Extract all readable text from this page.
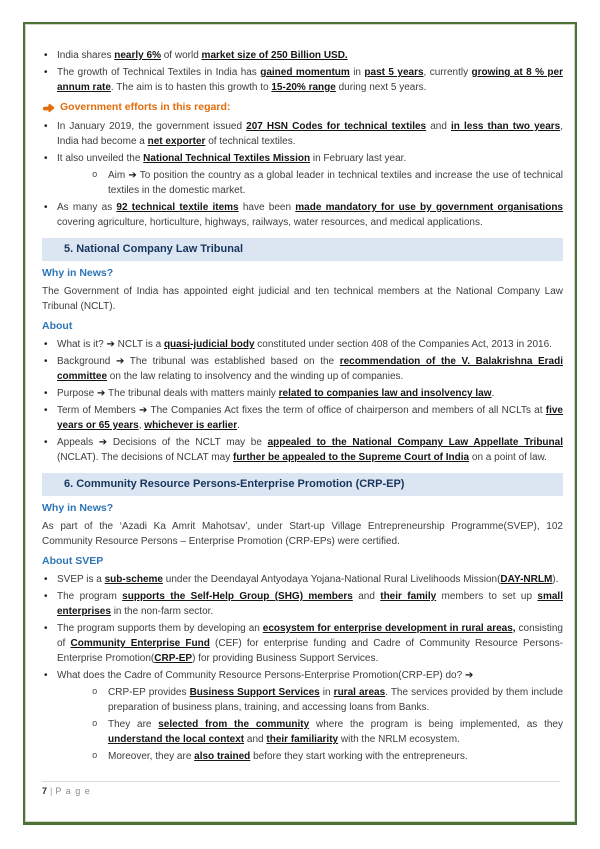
• India shares nearly 6% of world market size of 250 Billion USD.
• The growth of Technical Textiles in India has gained momentum in past 5 years, currently growing at 8 % per annum rate. The aim is to hasten this growth to 15-20% range during next 5 years.
Government efforts in this regard:
• In January 2019, the government issued 207 HSN Codes for technical textiles and in less than two years, India had become a net exporter of technical textiles.
• It also unveiled the National Technical Textiles Mission in February last year.
o	Aim ➔ To position the country as a global leader in technical textiles and increase the use of technical textiles in the domestic market.
• As many as 92 technical textile items have been made mandatory for use by government organisations covering agriculture, horticulture, highways, railways, water resources, and medical applications.
5. National Company Law Tribunal
Why in News?
The Government of India has appointed eight judicial and ten technical members at the National Company Law Tribunal (NCLT).
About
• What is it? ➔ NCLT is a quasi-judicial body constituted under section 408 of the Companies Act, 2013 in 2016.
• Background ➔ The tribunal was established based on the recommendation of the V. Balakrishna Eradi committee on the law relating to insolvency and the winding up of companies.
• Purpose ➔ The tribunal deals with matters mainly related to companies law and insolvency law.
• Term of Members ➔ The Companies Act fixes the term of office of chairperson and members of all NCLTs at five years or 65 years, whichever is earlier.
• Appeals ➔ Decisions of the NCLT may be appealed to the National Company Law Appellate Tribunal (NCLAT). The decisions of NCLAT may further be appealed to the Supreme Court of India on a point of law.
6. Community Resource Persons-Enterprise Promotion (CRP-EP)
Why in News?
As part of the ‘Azadi Ka Amrit Mahotsav’, under Start-up Village Entrepreneurship Programme(SVEP), 102 Community Resource Persons – Enterprise Promotion (CRP-EPs) were certified.
About SVEP
• SVEP is a sub-scheme under the Deendayal Antyodaya Yojana-National Rural Livelihoods Mission(DAY-NRLM).
• The program supports the Self-Help Group (SHG) members and their family members to set up small enterprises in the non-farm sector.
• The program supports them by developing an ecosystem for enterprise development in rural areas, consisting of Community Enterprise Fund (CEF) for enterprise funding and Cadre of Community Resource Persons-Enterprise Promotion(CRP-EP) for providing Business Support Services.
• What does the Cadre of Community Resource Persons-Enterprise Promotion(CRP-EP) do? ➔
o	CRP-EP provides Business Support Services in rural areas. The services provided by them include preparation of business plans, training, and accessing loans from Banks.
o	They are selected from the community where the program is being implemented, as they understand the local context and their familiarity with the NRLM ecosystem.
o	Moreover, they are also trained before they start working with the entrepreneurs.
7 | P a g e
